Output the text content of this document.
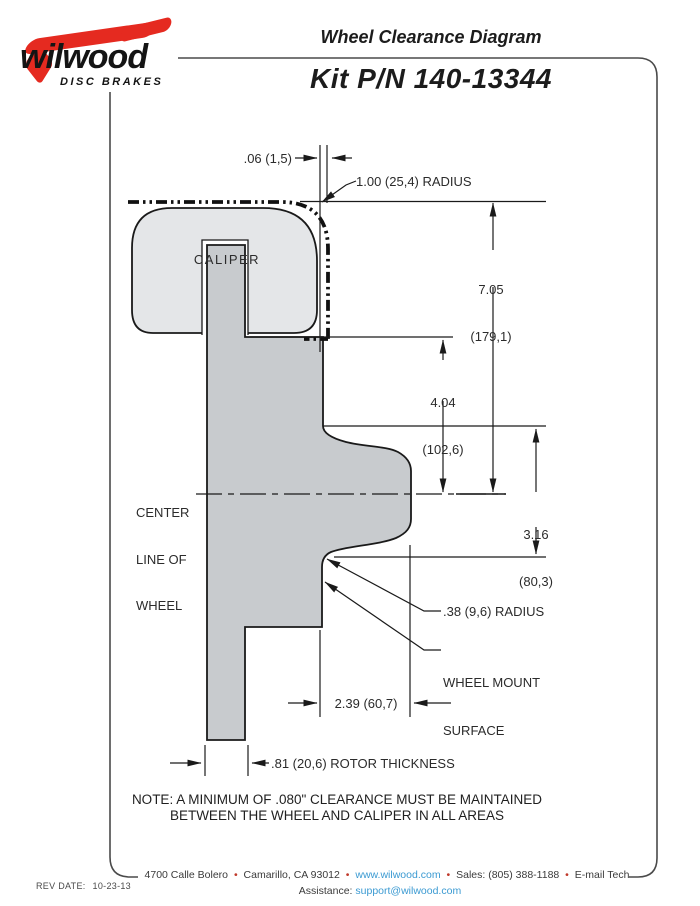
wilwood
DISC BRAKES
Wheel Clearance Diagram
Kit P/N 140-13344

CALIPER

.06 (1,5)
1.00 (25,4) RADIUS

7.05

(179,1)

4.04

(102,6)

3.16

(80,3)

CENTER

LINE OF

WHEEL

	.38 (9,6) RADIUS

WHEEL MOUNT

SURFACE

2.39 (60,7)
.81 (20,6) ROTOR THICKNESS
NOTE: A MINIMUM OF .080" CLEARANCE MUST BE MAINTAINED
BETWEEN THE WHEEL AND CALIPER IN ALL AREAS
4700 Calle Bolero • Camarillo, CA 93012 • www.wilwood.com • Sales: (805) 388-1188 • E-mail Tech Assistance: support@wilwood.com
REV DATE: 10-23-13
